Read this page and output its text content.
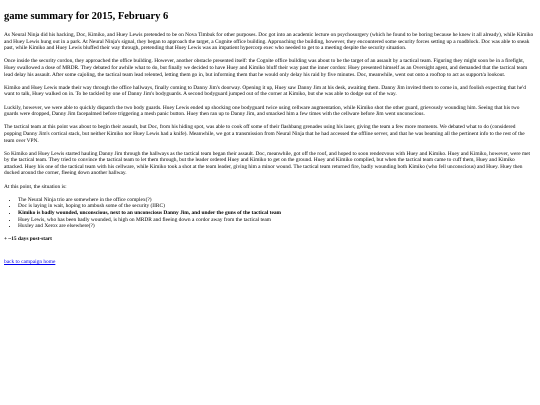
game summary for 2015, February 6

As Neural Ninja did his hacking, Doc, Kimiko, and Huey Lewis pretended to be on Nova Timbuk for other purposes. Doc got into an academic lecture on psychosurgery (which he found to be boring because he knew it all already), while Kimiko and Huey Lewis hung out in a park. At Neural Ninja's signal, they began to approach the target, a Cognite office building. Approaching the building, however, they encountered some security forces setting up a roadblock. Doc was able to sneak past, while Kimiko and Huey Lewis bluffed their way through, pretending that Huey Lewis was an impatient hypercorp exec who needed to get to a meeting despite the security situation.

Once inside the security cordon, they approached the office building. However, another obstacle presented itself: the Cognite office building was about to be the target of an assault by a tactical team. Figuring they might soon be in a firefight, Huey swallowed a dose of MRDR. They debated for awhile what to do, but finally we decided to have Huey and Kimiko bluff their way past the inner cordon: Huey presented himself as an Oversight agent, and demanded that the tactical team lead delay his assault. After some cajoling, the tactical team lead relented, letting them go in, but informing them that he would only delay his raid by five minutes. Doc, meanwhile, went out onto a rooftop to act as support/a lookout.

Kimiko and Huey Lewis made their way through the office hallways, finally coming to Danny Jim's doorway. Opening it up, Huey saw Danny Jim at his desk, awaiting them. Danny Jim invited them to come in, and foolish expecting that he'd want to talk, Huey walked on in. To be tackled by one of Danny Jim's bodyguards. A second bodyguard jumped out of the corner at Kimiko, but she was able to dodge out of the way.

Luckily, however, we were able to quickly dispatch the two body guards. Huey Lewis ended up shocking one bodyguard twice using cellware augmentation, while Kimiko shot the other guard, grievously wounding him. Seeing that his two guards were dropped, Danny Jim facepalmed before triggering a mesh panic button. Huey then ran up to Danny Jim, and smacked him a few times with the cellware before Jim went unconscious.

The tactical team at this point was about to begin their assault, but Doc, from his hiding spot, was able to cook off some of their flashbang grenades using his laser, giving the team a few more moments. We debated what to do (considered popping Danny Jim's cortical stack, but neither Kimiko nor Huey Lewis had a knife). Meanwhile, we got a transmission from Neural Ninja that he had accessed the offline server, and that he was beaming all the pertinent info to the rest of the team over VPN.

So Kimiko and Huey Lewis started hauling Danny Jim through the hallways as the tactical team began their assault. Doc, meanwhile, got off the roof, and hoped to soon rendezvous with Huey and Kimiko. Huey and Kimiko, however, were met by the tactical team. They tried to convince the tactical team to let them through, but the leader ordered Huey and Kimiko to get on the ground. Huey and Kimiko complied, but when the tactical team came to cuff them, Huey and Kimiko attacked. Huey his one of the tactical team with his cellware, while Kimiko took a shot at the team leader, giving him a minor wound. The tactical team returned fire, badly wounding both Kimiko (who fell unconscious) and Huey. Huey then ducked around the corner, fleeing down another hallway.

At this point, the situation is:

• The Neural Ninja trio are somewhere in the office complex(?)
• Doc is laying in wait, hoping to ambush some of the security (IIRC)
• Kimiko is badly wounded, unconscious, next to an unconscious Danny Jim, and under the guns of the tactical team
• Huey Lewis, who has been badly wounded, is high on MRDR and fleeing down a cordor away from the tactical team
• Huxley and Xerox are elsewhere(?)
+ ~15 days post-start
back to campaign home
